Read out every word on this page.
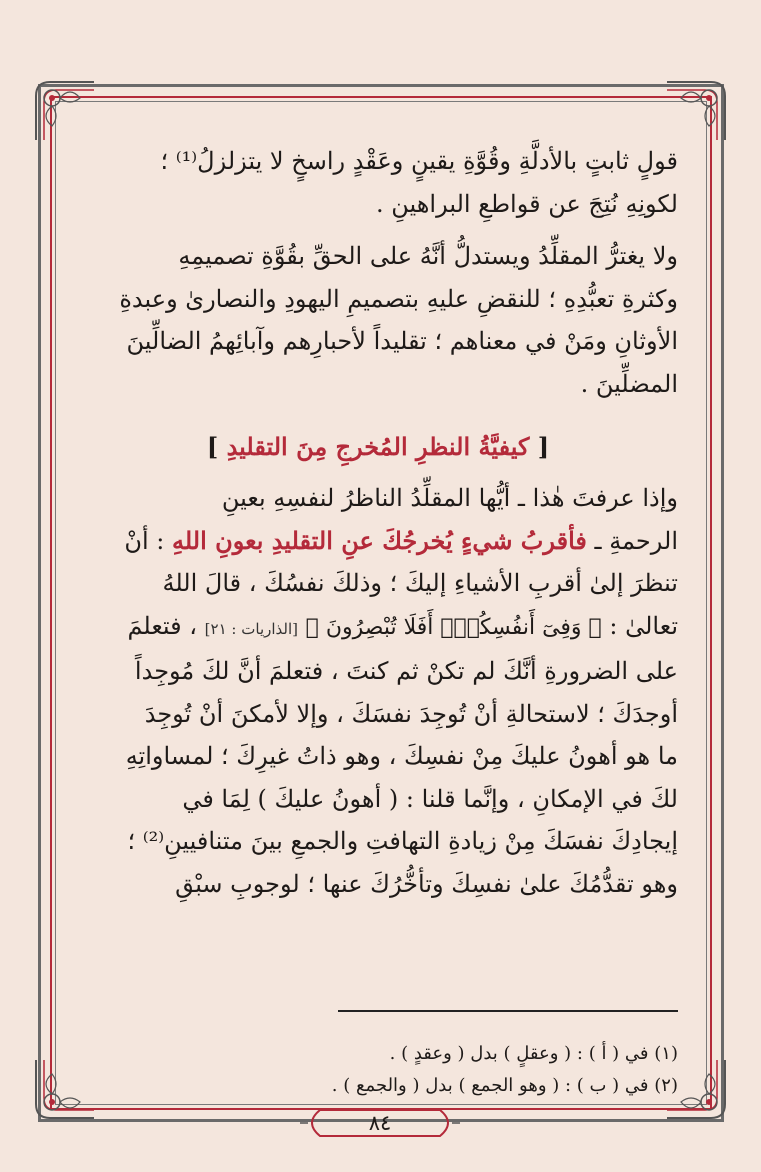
قولٍ ثابتٍ بالأدلَّةِ وقُوَّةِ يقينٍ وعَقْدٍ راسخٍ لا يتزلزلُ⁽¹⁾ ؛

لكونِهِ نُتِجَ عن قواطعِ البراهينِ .

ولا يغترُّ المقلِّدُ ويستدلُّ أنَّهُ على الحقِّ بقُوَّةِ تصميمِهِ

وكثرةِ تعبُّدِهِ ؛ للنقضِ عليهِ بتصميمِ اليهودِ والنصارىٰ وعبدةِ

الأوثانِ ومَنْ في معناهم ؛ تقليداً لأحبارِهم وآبائِهمُ الضالِّينَ

المضلِّينَ .

[ كيفيَّةُ النظرِ المُخرجِ مِنَ التقليدِ ]

وإذا عرفتَ هٰذا ـ أيُّها المقلِّدُ الناظرُ لنفسِهِ بعينِ

الرحمةِ ـ فأقربُ شيءٍ يُخرجُكَ عنِ التقليدِ بعونِ اللهِ : أنْ

تنظرَ إلىٰ أقربِ الأشياءِ إليكَ ؛ وذلكَ نفسُكَ ، قالَ اللهُ

تعالىٰ : ﴿ وَفِىٓ أَنفُسِكُمْۚ أَفَلَا تُبْصِرُونَ ﴾ [الذاريات : ٢١] ، فتعلمَ

على الضرورةِ أنَّكَ لم تكنْ ثم كنتَ ، فتعلمَ أنَّ لكَ مُوجِداً

أوجدَكَ ؛ لاستحالةِ أنْ تُوجِدَ نفسَكَ ، وإلا لأمكنَ أنْ تُوجِدَ

ما هو أهونُ عليكَ مِنْ نفسِكَ ، وهو ذاتُ غيرِكَ ؛ لمساواتِهِ

لكَ في الإمكانِ ، وإنَّما قلنا : ( أهونُ عليكَ ) لِمَا في

إيجادِكَ نفسَكَ مِنْ زيادةِ التهافتِ والجمعِ بينَ متنافيينِ⁽²⁾ ؛

وهو تقدُّمُكَ علىٰ نفسِكَ وتأخُّرُكَ عنها ؛ لوجوبِ سبْقِ

(١) في ( أ ) : ( وعقلٍ ) بدل ( وعقدٍ ) .
(٢) في ( ب ) : ( وهو الجمع ) بدل ( والجمع ) .
٨٤
